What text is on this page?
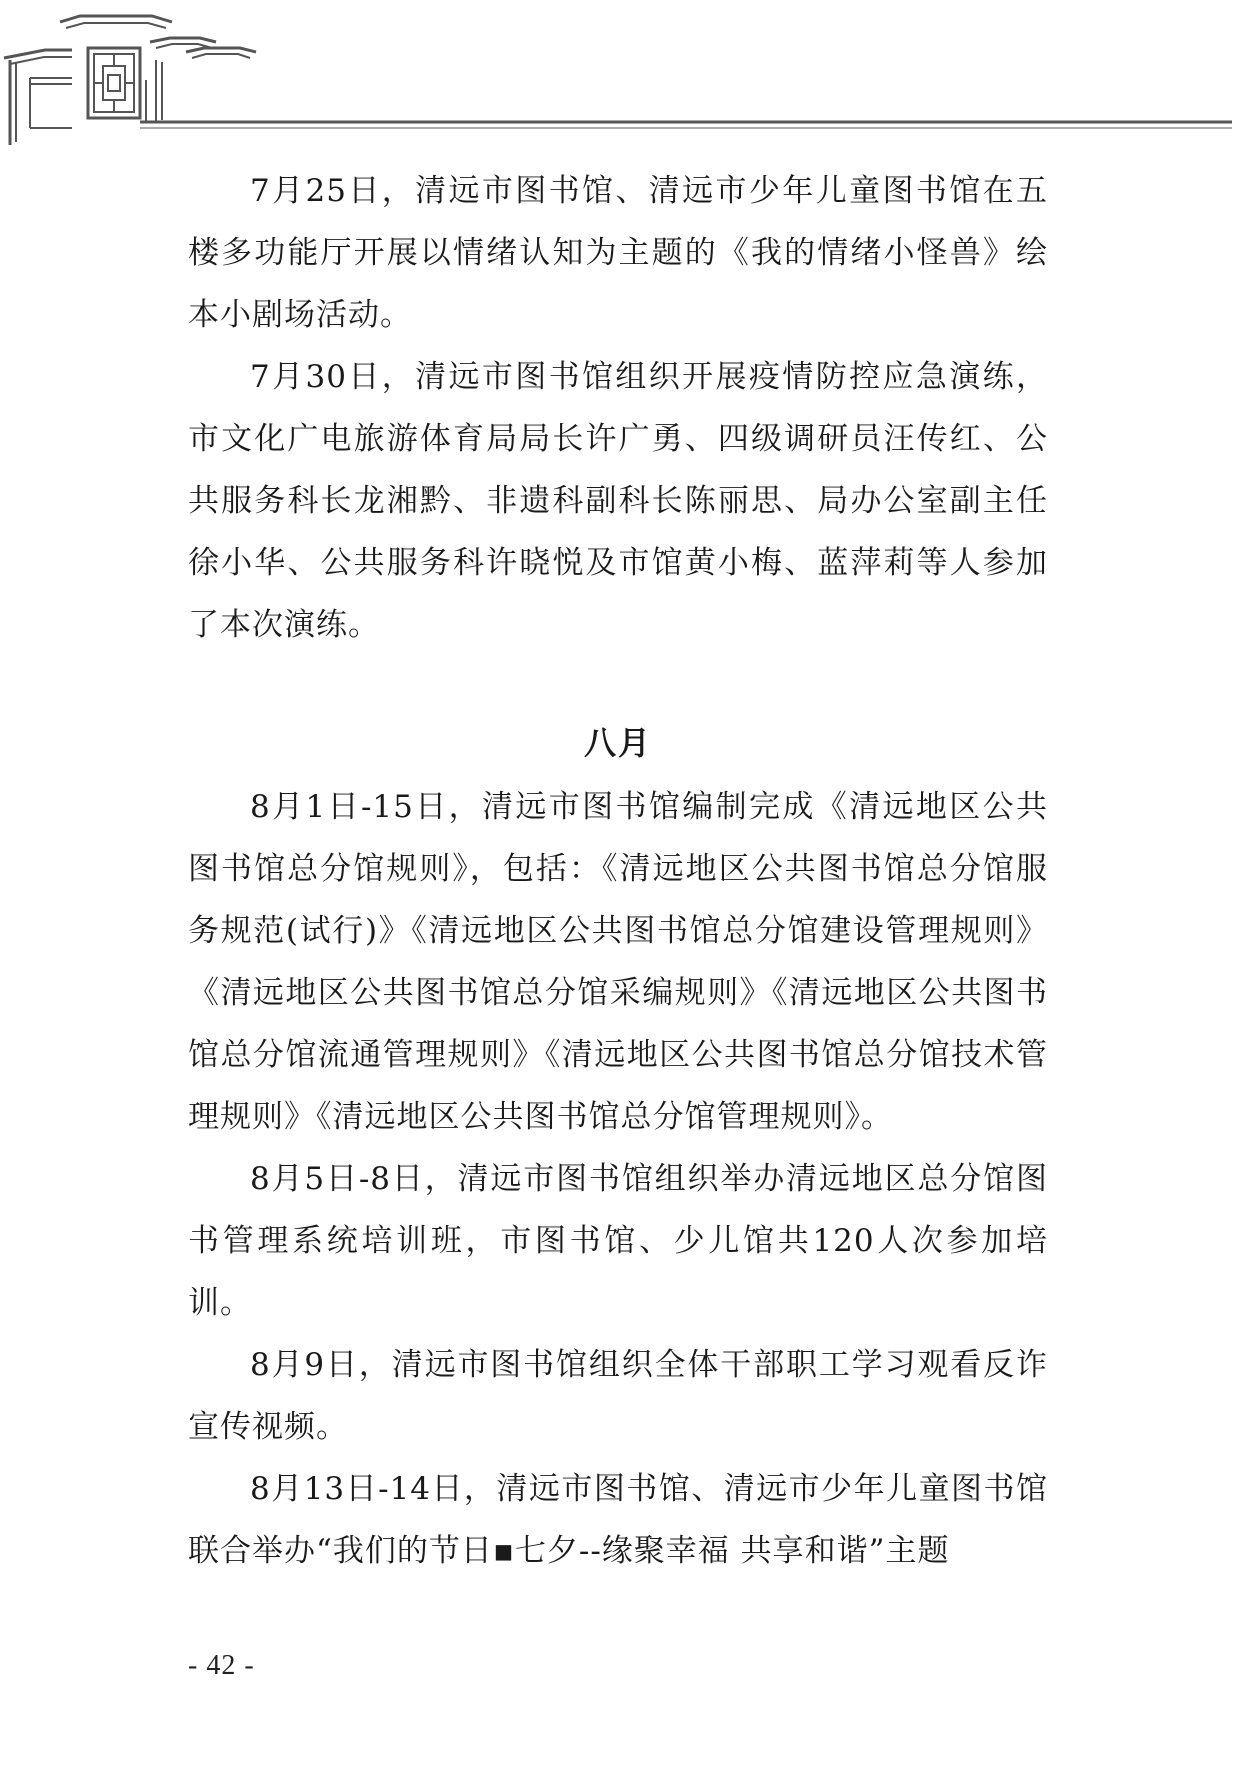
7月25日，清远市图书馆、清远市少年儿童图书馆在五楼多功能厅开展以情绪认知为主题的《我的情绪小怪兽》绘本小剧场活动。

7月30日，清远市图书馆组织开展疫情防控应急演练，市文化广电旅游体育局局长许广勇、四级调研员汪传红、公共服务科长龙湘黔、非遗科副科长陈丽思、局办公室副主任徐小华、公共服务科许晓悦及市馆黄小梅、蓝萍莉等人参加了本次演练。

八月

8月1日-15日，清远市图书馆编制完成《清远地区公共图书馆总分馆规则》，包括：《清远地区公共图书馆总分馆服务规范(试行)》《清远地区公共图书馆总分馆建设管理规则》《清远地区公共图书馆总分馆采编规则》《清远地区公共图书馆总分馆流通管理规则》《清远地区公共图书馆总分馆技术管理规则》《清远地区公共图书馆总分馆管理规则》。

8月5日-8日，清远市图书馆组织举办清远地区总分馆图书管理系统培训班，市图书馆、少儿馆共120人次参加培训。

8月9日，清远市图书馆组织全体干部职工学习观看反诈宣传视频。

8月13日-14日，清远市图书馆、清远市少年儿童图书馆联合举办“我们的节日▪七夕--缘聚幸福 共享和谐”主题

- 42 -
